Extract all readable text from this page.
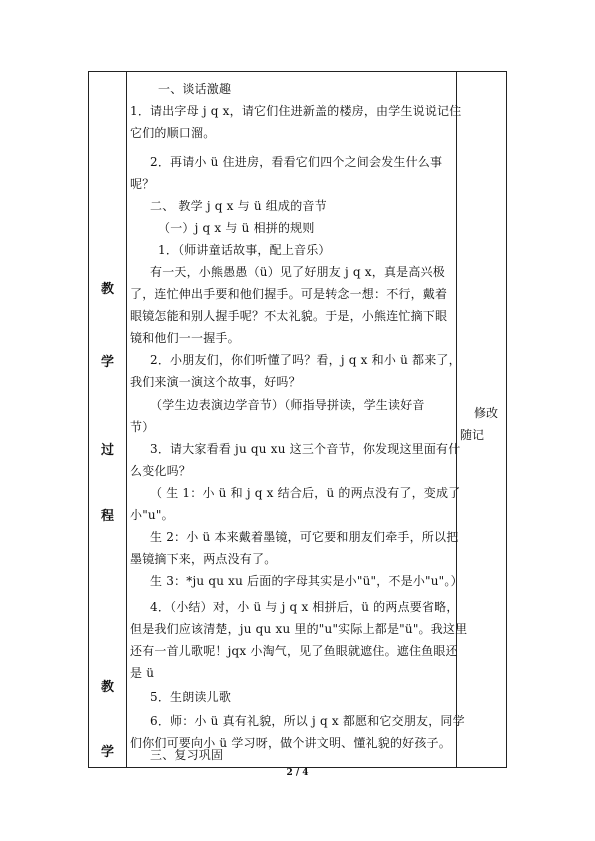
教
学
过
程
教
学
一、谈话激趣
1．请出字母 j q x，请它们住进新盖的楼房，由学生说说记住
它们的顺口溜。
2．再请小 ü 住进房，看看它们四个之间会发生什么事
呢？
二、 教学 j q x 与 ü 组成的音节
（一）j q x 与 ü 相拼的规则
1．（师讲童话故事，配上音乐）
有一天，小熊愚愚（ü）见了好朋友 j q x，真是高兴极
了，连忙伸出手要和他们握手。可是转念一想：不行，戴着
眼镜怎能和别人握手呢？不太礼貌。于是，小熊连忙摘下眼
镜和他们一一握手。
2．小朋友们，你们听懂了吗？看，j q x 和小 ü 都来了，
我们来演一演这个故事，好吗？
（学生边表演边学音节）（师指导拼读，学生读好音
节）
3．请大家看看 ju qu xu 这三个音节，你发现这里面有什
么变化吗？
（ 生 1：小 ü 和 j q x 结合后，ü 的两点没有了，变成了
小"u"。
生 2：小 ü 本来戴着墨镜，可它要和朋友们牵手，所以把
墨镜摘下来，两点没有了。
生 3：*ju qu xu 后面的字母其实是小"ü"，不是小"u"。）
4．（小结）对，小 ü 与 j q x 相拼后，ü 的两点要省略，
但是我们应该清楚，ju qu xu 里的"u"实际上都是"ü"。我这里
还有一首儿歌呢！jqx 小淘气，见了鱼眼就遮住。遮住鱼眼还
是 ü
5．生朗读儿歌
6．师：小 ü 真有礼貌，所以 j q x 都愿和它交朋友，同学
们你们可要向小 ü 学习呀，做个讲文明、懂礼貌的好孩子。
三、复习巩固
修改
随记
2 / 4
